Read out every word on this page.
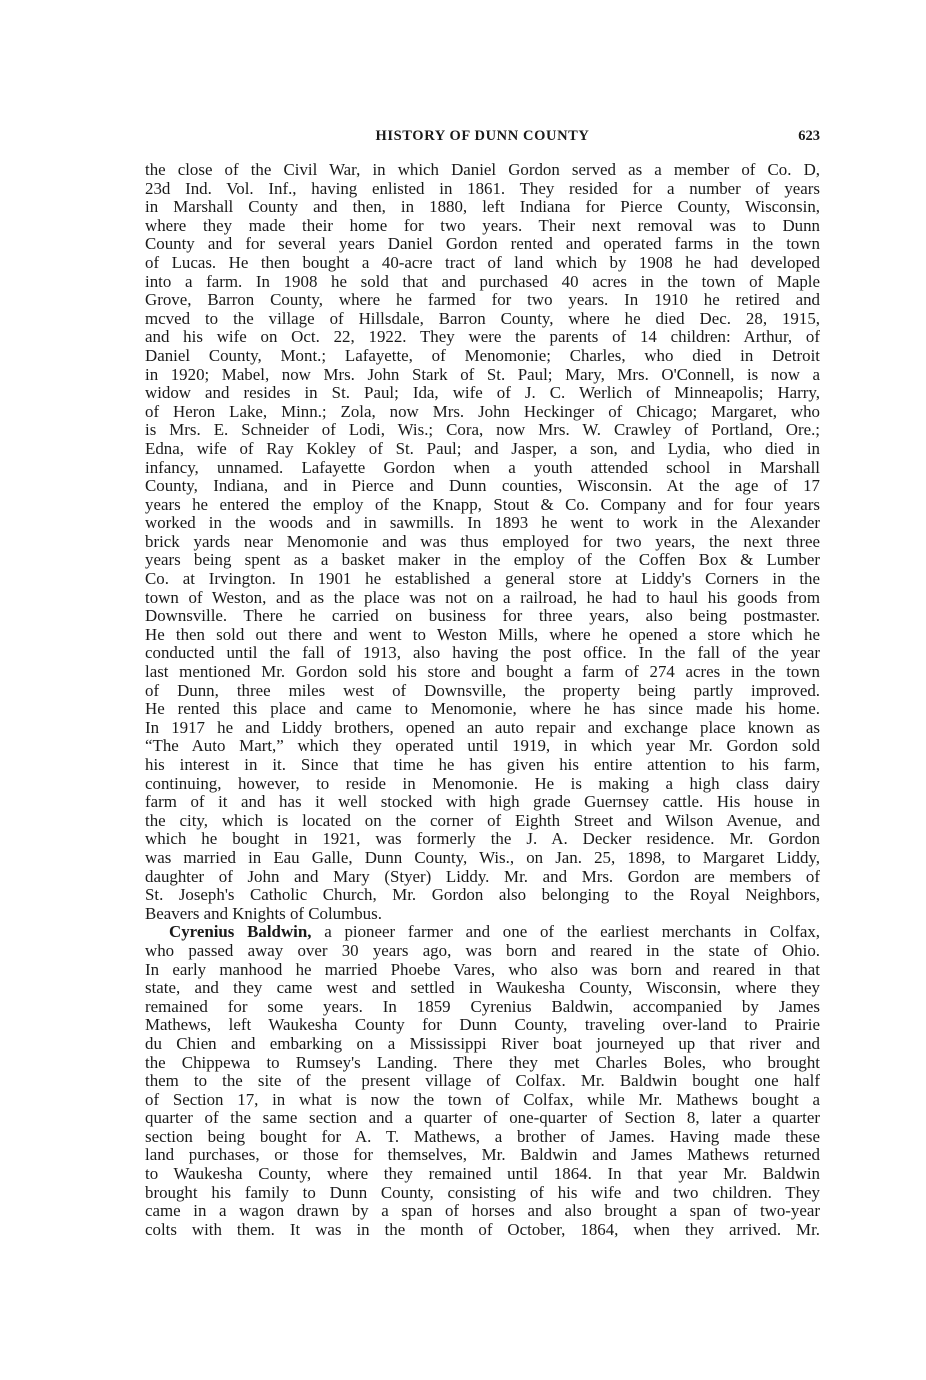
HISTORY OF DUNN COUNTY	623
the close of the Civil War, in which Daniel Gordon served as a member of Co. D,
23d Ind. Vol. Inf., having enlisted in 1861. They resided for a number of years
in Marshall County and then, in 1880, left Indiana for Pierce County, Wisconsin,
where they made their home for two years. Their next removal was to Dunn
County and for several years Daniel Gordon rented and operated farms in the town
of Lucas. He then bought a 40-acre tract of land which by 1908 he had developed
into a farm. In 1908 he sold that and purchased 40 acres in the town of Maple
Grove, Barron County, where he farmed for two years. In 1910 he retired and
mcved to the village of Hillsdale, Barron County, where he died Dec. 28, 1915,
and his wife on Oct. 22, 1922. They were the parents of 14 children: Arthur, of
Daniel County, Mont.; Lafayette, of Menomonie; Charles, who died in Detroit
in 1920; Mabel, now Mrs. John Stark of St. Paul; Mary, Mrs. O'Connell, is now a
widow and resides in St. Paul; Ida, wife of J. C. Werlich of Minneapolis; Harry,
of Heron Lake, Minn.; Zola, now Mrs. John Heckinger of Chicago; Margaret, who
is Mrs. E. Schneider of Lodi, Wis.; Cora, now Mrs. W. Crawley of Portland, Ore.;
Edna, wife of Ray Kokley of St. Paul; and Jasper, a son, and Lydia, who died in
infancy, unnamed. Lafayette Gordon when a youth attended school in Marshall
County, Indiana, and in Pierce and Dunn counties, Wisconsin. At the age of 17
years he entered the employ of the Knapp, Stout & Co. Company and for four years
worked in the woods and in sawmills. In 1893 he went to work in the Alexander
brick yards near Menomonie and was thus employed for two years, the next three
years being spent as a basket maker in the employ of the Coffen Box & Lumber
Co. at Irvington. In 1901 he established a general store at Liddy's Corners in the
town of Weston, and as the place was not on a railroad, he had to haul his goods from
Downsville. There he carried on business for three years, also being postmaster.
He then sold out there and went to Weston Mills, where he opened a store which he
conducted until the fall of 1913, also having the post office. In the fall of the year
last mentioned Mr. Gordon sold his store and bought a farm of 274 acres in the town
of Dunn, three miles west of Downsville, the property being partly improved.
He rented this place and came to Menomonie, where he has since made his home.
In 1917 he and Liddy brothers, opened an auto repair and exchange place known as
“The Auto Mart,” which they operated until 1919, in which year Mr. Gordon sold
his interest in it. Since that time he has given his entire attention to his farm,
continuing, however, to reside in Menomonie. He is making a high class dairy
farm of it and has it well stocked with high grade Guernsey cattle. His house in
the city, which is located on the corner of Eighth Street and Wilson Avenue, and
which he bought in 1921, was formerly the J. A. Decker residence. Mr. Gordon
was married in Eau Galle, Dunn County, Wis., on Jan. 25, 1898, to Margaret Liddy,
daughter of John and Mary (Styer) Liddy. Mr. and Mrs. Gordon are members of
St. Joseph's Catholic Church, Mr. Gordon also belonging to the Royal Neighbors,
Beavers and Knights of Columbus.
Cyrenius Baldwin, a pioneer farmer and one of the earliest merchants in Colfax,
who passed away over 30 years ago, was born and reared in the state of Ohio.
In early manhood he married Phoebe Vares, who also was born and reared in that
state, and they came west and settled in Waukesha County, Wisconsin, where they
remained for some years. In 1859 Cyrenius Baldwin, accompanied by James
Mathews, left Waukesha County for Dunn County, traveling over-land to Prairie
du Chien and embarking on a Mississippi River boat journeyed up that river and
the Chippewa to Rumsey's Landing. There they met Charles Boles, who brought
them to the site of the present village of Colfax. Mr. Baldwin bought one half
of Section 17, in what is now the town of Colfax, while Mr. Mathews bought a
quarter of the same section and a quarter of one-quarter of Section 8, later a quarter
section being bought for A. T. Mathews, a brother of James. Having made these
land purchases, or those for themselves, Mr. Baldwin and James Mathews returned
to Waukesha County, where they remained until 1864. In that year Mr. Baldwin
brought his family to Dunn County, consisting of his wife and two children. They
came in a wagon drawn by a span of horses and also brought a span of two-year
colts with them. It was in the month of October, 1864, when they arrived. Mr.
